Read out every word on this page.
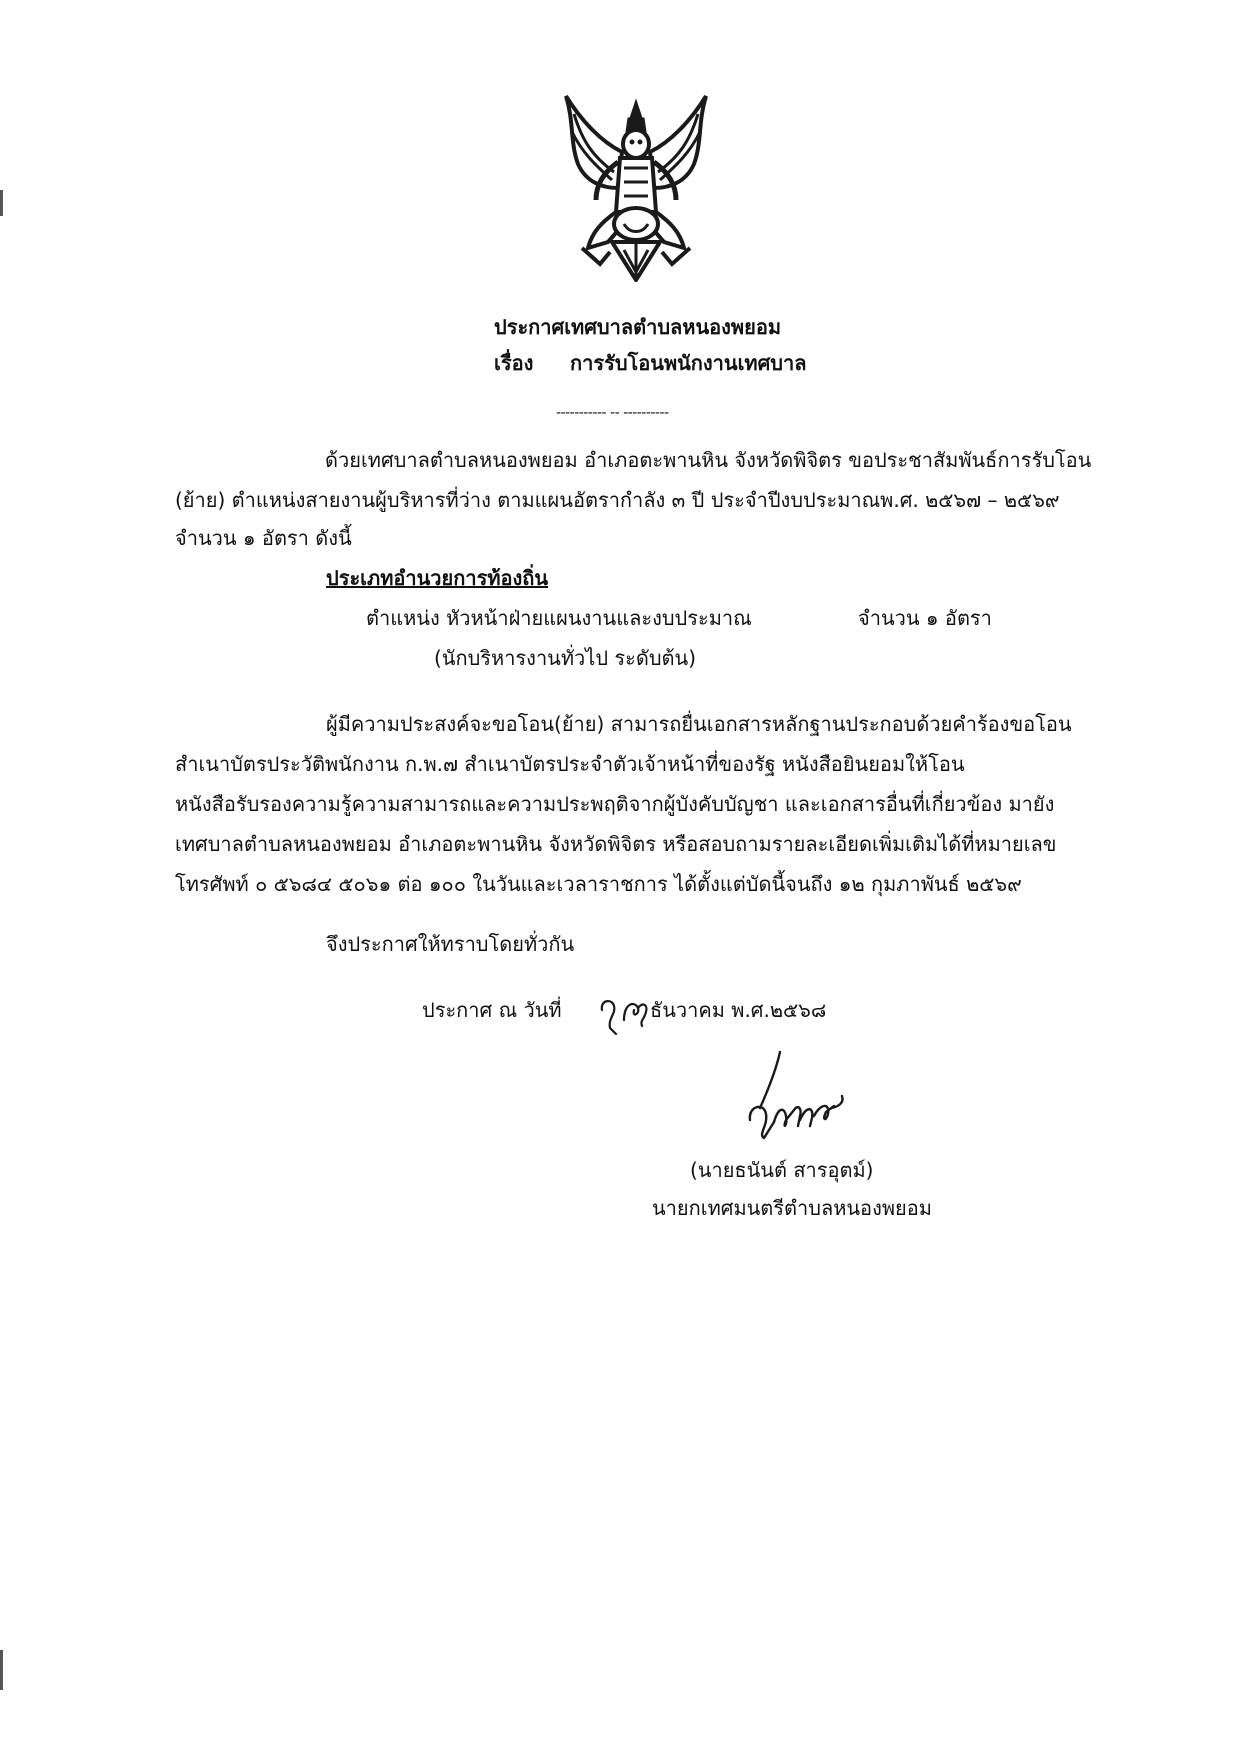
ประกาศเทศบาลตำบลหนองพยอม
เรื่อง การรับโอนพนักงานเทศบาล
----------- -- ----------
ด้วยเทศบาลตำบลหนองพยอม อำเภอตะพานหิน จังหวัดพิจิตร ขอประชาสัมพันธ์การรับโอน
(ย้าย) ตำแหน่งสายงานผู้บริหารที่ว่าง ตามแผนอัตรากำลัง ๓ ปี ประจำปีงบประมาณพ.ศ. ๒๕๖๗ – ๒๕๖๙
จำนวน ๑ อัตรา ดังนี้
ประเภทอำนวยการท้องถิ่น
ตำแหน่ง หัวหน้าฝ่ายแผนงานและงบประมาณ	จำนวน ๑ อัตรา
(นักบริหารงานทั่วไป ระดับต้น)
ผู้มีความประสงค์จะขอโอน(ย้าย) สามารถยื่นเอกสารหลักฐานประกอบด้วยคำร้องขอโอน
สำเนาบัตรประวัติพนักงาน ก.พ.๗ สำเนาบัตรประจำตัวเจ้าหน้าที่ของรัฐ หนังสือยินยอมให้โอน
หนังสือรับรองความรู้ความสามารถและความประพฤติจากผู้บังคับบัญชา และเอกสารอื่นที่เกี่ยวข้อง มายัง
เทศบาลตำบลหนองพยอม อำเภอตะพานหิน จังหวัดพิจิตร หรือสอบถามรายละเอียดเพิ่มเติมได้ที่หมายเลข
โทรศัพท์ ๐ ๕๖๘๔ ๕๐๖๑ ต่อ ๑๐๐ ในวันและเวลาราชการ ได้ตั้งแต่บัดนี้จนถึง ๑๒ กุมภาพันธ์ ๒๕๖๙
จึงประกาศให้ทราบโดยทั่วกัน
ประกาศ ณ วันที่	ธันวาคม พ.ศ.๒๕๖๘
(นายธนันต์ สารอุตม์)
นายกเทศมนตรีตำบลหนองพยอม
